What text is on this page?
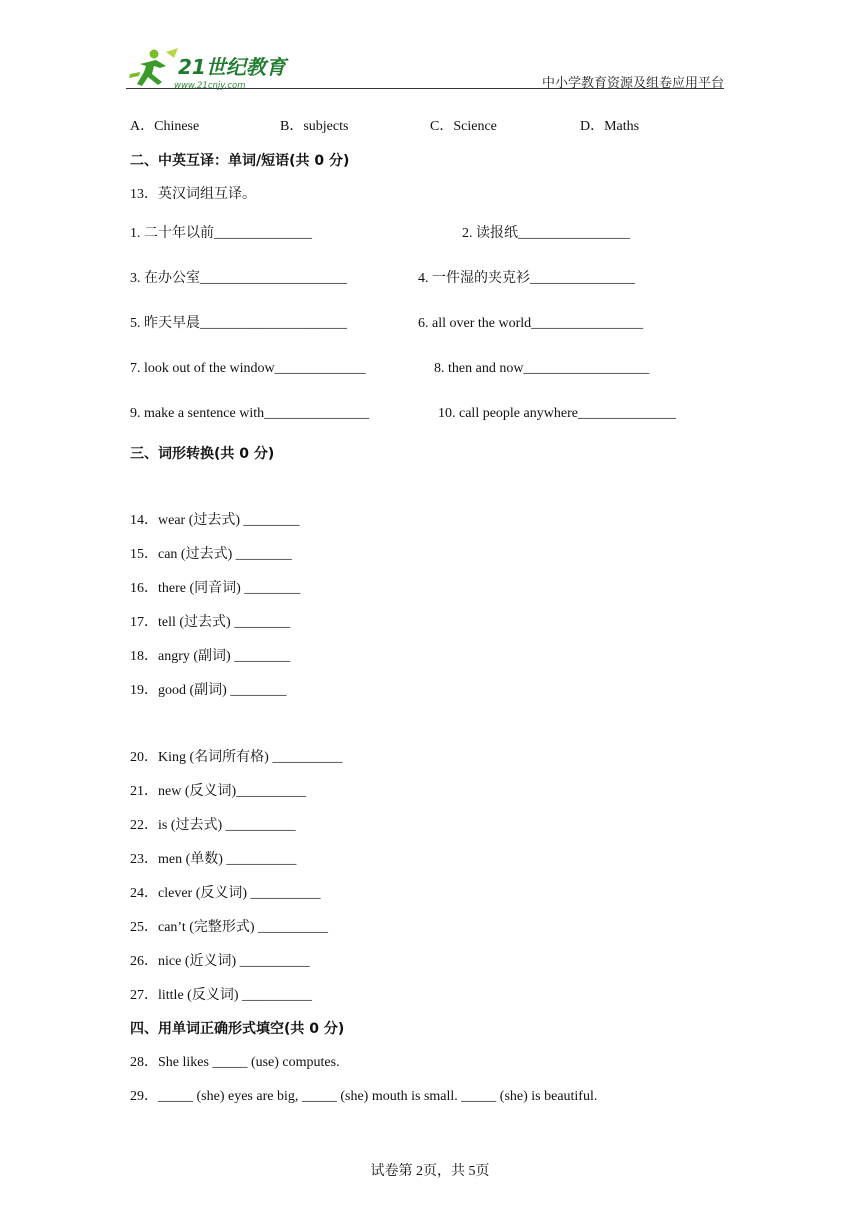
21世纪教育
www.21cnjy.com	中小学教育资源及组卷应用平台
A．Chinese	B．subjects	C．Science	D．Maths
二、中英互译：单词/短语(共 0 分)
13．英汉词组互译。
1. 二十年以前______________	2. 读报纸________________
3. 在办公室_____________________	4. 一件湿的夹克衫_______________
5. 昨天早晨_____________________	6. all over the world________________
7. look out of the window_____________	8. then and now__________________
9. make a sentence with_______________	10. call people anywhere______________
三、词形转换(共 0 分)
14．wear (过去式) ________
15．can (过去式) ________
16．there (同音词) ________
17．tell (过去式) ________
18．angry (副词) ________
19．good (副词) ________
20．King (名词所有格) __________
21．new (反义词)__________
22．is (过去式) __________
23．men (单数) __________
24．clever (反义词) __________
25．can’t (完整形式) __________
26．nice (近义词) __________
27．little (反义词) __________
四、用单词正确形式填空(共 0 分)
28．She likes _____ (use) computes.
29．_____ (she) eyes are big, _____ (she) mouth is small. _____ (she) is beautiful.
试卷第 2页，共 5页
